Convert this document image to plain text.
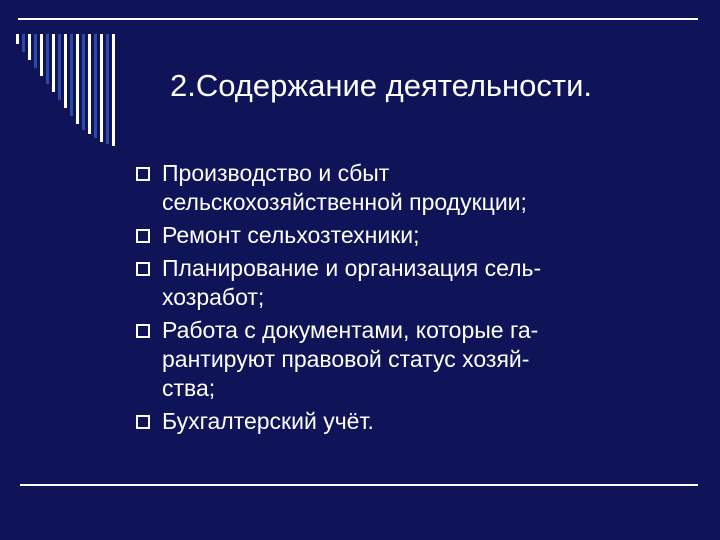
2.Содержание деятельности.
Производство и сбыт
сельскохозяйственной продукции;
Ремонт сельхозтехники;
Планирование и организация сель-
хозработ;
Работа с документами, которые га-
рантируют правовой статус хозяй-
ства;
Бухгалтерский учёт.
